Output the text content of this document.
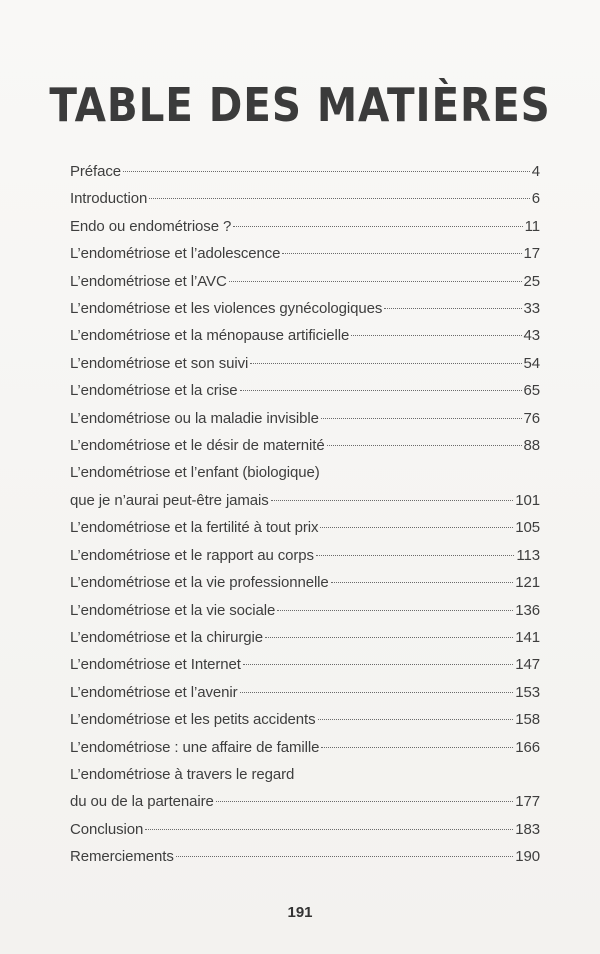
TABLE DES MATIÈRES
Préface	4
Introduction	6
Endo ou endométriose ?	11
L’endométriose et l’adolescence	17
L’endométriose et l’AVC	25
L’endométriose et les violences gynécologiques	33
L’endométriose et la ménopause artificielle	43
L’endométriose et son suivi	54
L’endométriose et la crise	65
L’endométriose ou la maladie invisible	76
L’endométriose et le désir de maternité	88
L’endométriose et l’enfant (biologique)
que je n’aurai peut-être jamais	101
L’endométriose et la fertilité à tout prix	105
L’endométriose et le rapport au corps	113
L’endométriose et la vie professionnelle	121
L’endométriose et la vie sociale	136
L’endométriose et la chirurgie	141
L’endométriose et Internet	147
L’endométriose et l’avenir	153
L’endométriose et les petits accidents	158
L’endométriose : une affaire de famille	166
L’endométriose à travers le regard
du ou de la partenaire	177
Conclusion	183
Remerciements	190
191
